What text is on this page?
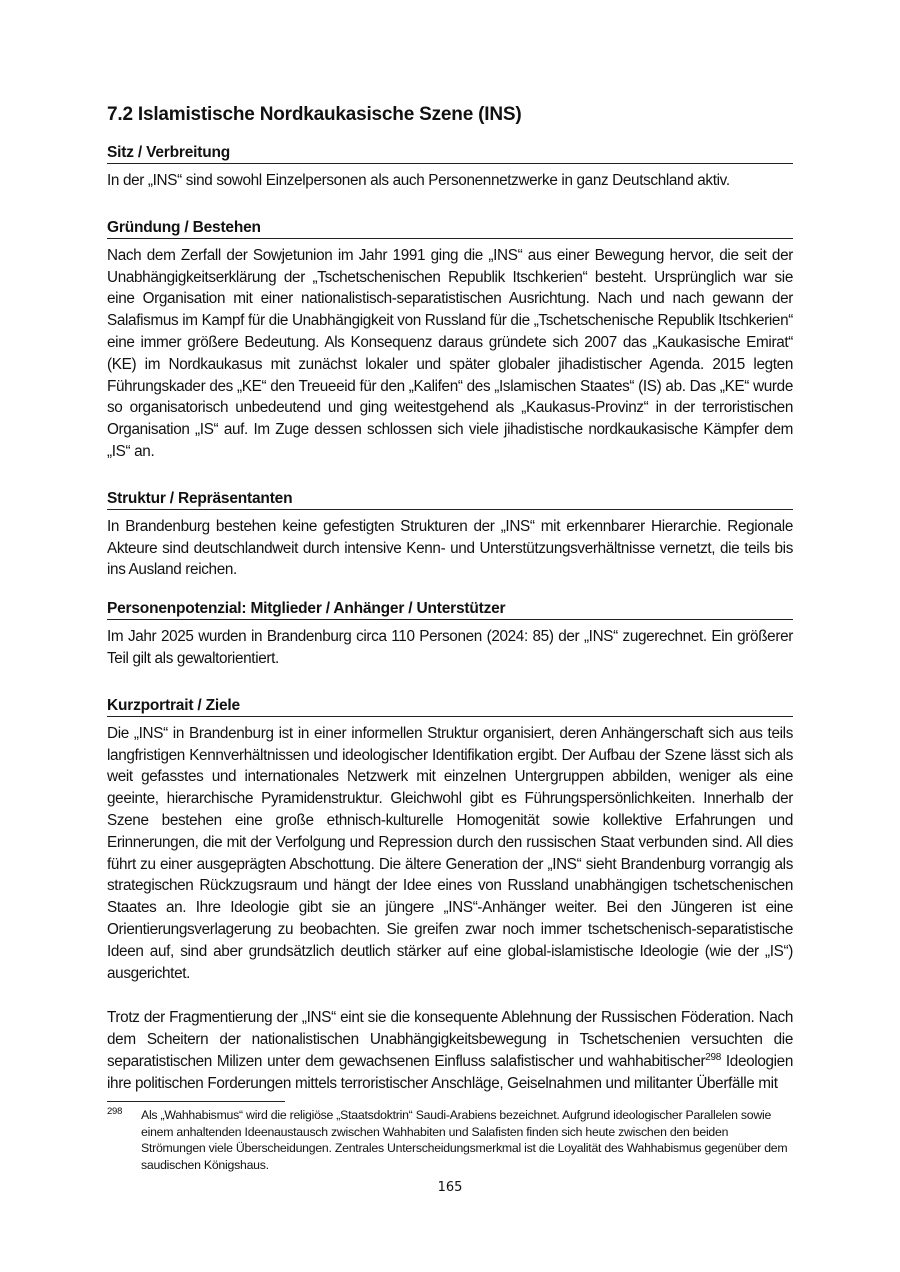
7.2 Islamistische Nordkaukasische Szene (INS)
Sitz / Verbreitung

In der „INS“ sind sowohl Einzelpersonen als auch Personennetzwerke in ganz Deutschland aktiv.

Gründung / Bestehen

Nach dem Zerfall der Sowjetunion im Jahr 1991 ging die „INS“ aus einer Bewegung hervor, die seit der Unabhängigkeitserklärung der „Tschetschenischen Republik Itschkerien“ besteht. Ursprünglich war sie eine Organisation mit einer nationalistisch-separatistischen Ausrichtung. Nach und nach gewann der Salafismus im Kampf für die Unabhängigkeit von Russland für die „Tschetschenische Republik Itschkerien“ eine immer größere Bedeutung. Als Konsequenz daraus gründete sich 2007 das „Kaukasische Emirat“ (KE) im Nordkaukasus mit zunächst lokaler und später globaler jihadistischer Agenda. 2015 legten Führungskader des „KE“ den Treueeid für den „Kalifen“ des „Islamischen Staates“ (IS) ab. Das „KE“ wurde so organisatorisch unbedeutend und ging weitestgehend als „Kaukasus-Provinz“ in der terroristischen Organisation „IS“ auf. Im Zuge dessen schlossen sich viele jihadistische nordkaukasische Kämpfer dem „IS“ an.

Struktur / Repräsentanten

In Brandenburg bestehen keine gefestigten Strukturen der „INS“ mit erkennbarer Hierarchie. Regionale Akteure sind deutschlandweit durch intensive Kenn- und Unterstützungsverhältnisse vernetzt, die teils bis ins Ausland reichen.

Personenpotenzial: Mitglieder / Anhänger / Unterstützer

Im Jahr 2025 wurden in Brandenburg circa 110 Personen (2024: 85) der „INS“ zugerechnet. Ein größerer Teil gilt als gewaltorientiert.

Kurzportrait / Ziele

Die „INS“ in Brandenburg ist in einer informellen Struktur organisiert, deren Anhängerschaft sich aus teils langfristigen Kennverhältnissen und ideologischer Identifikation ergibt. Der Aufbau der Szene lässt sich als weit gefasstes und internationales Netzwerk mit einzelnen Untergruppen abbilden, weniger als eine geeinte, hierarchische Pyramidenstruktur. Gleichwohl gibt es Führungspersönlichkeiten. Innerhalb der Szene bestehen eine große ethnisch-kulturelle Homogenität sowie kollektive Erfahrungen und Erinnerungen, die mit der Verfolgung und Repression durch den russischen Staat verbunden sind. All dies führt zu einer ausgeprägten Abschottung. Die ältere Generation der „INS“ sieht Brandenburg vorrangig als strategischen Rückzugsraum und hängt der Idee eines von Russland unabhängigen tschetschenischen Staates an. Ihre Ideologie gibt sie an jüngere „INS“-Anhänger weiter. Bei den Jüngeren ist eine Orientierungsverlagerung zu beobachten. Sie greifen zwar noch immer tschetschenisch-separatistische Ideen auf, sind aber grundsätzlich deutlich stärker auf eine global-islamistische Ideologie (wie der „IS“) ausgerichtet.

Trotz der Fragmentierung der „INS“ eint sie die konsequente Ablehnung der Russischen Föderation. Nach dem Scheitern der nationalistischen Unabhängigkeitsbewegung in Tschetschenien versuchten die separatistischen Milizen unter dem gewachsenen Einfluss salafistischer und wahhabitischer$^{298}$ Ideologien ihre politischen Forderungen mittels terroristischer Anschläge, Geiselnahmen und militanter Überfälle mit

298 Als „Wahhabismus“ wird die religiöse „Staatsdoktrin“ Saudi-Arabiens bezeichnet. Aufgrund ideologischer Parallelen sowie einem anhaltenden Ideenaustausch zwischen Wahhabiten und Salafisten finden sich heute zwischen den beiden Strömungen viele Überscheidungen. Zentrales Unterscheidungsmerkmal ist die Loyalität des Wahhabismus gegenüber dem saudischen Königshaus.
165
